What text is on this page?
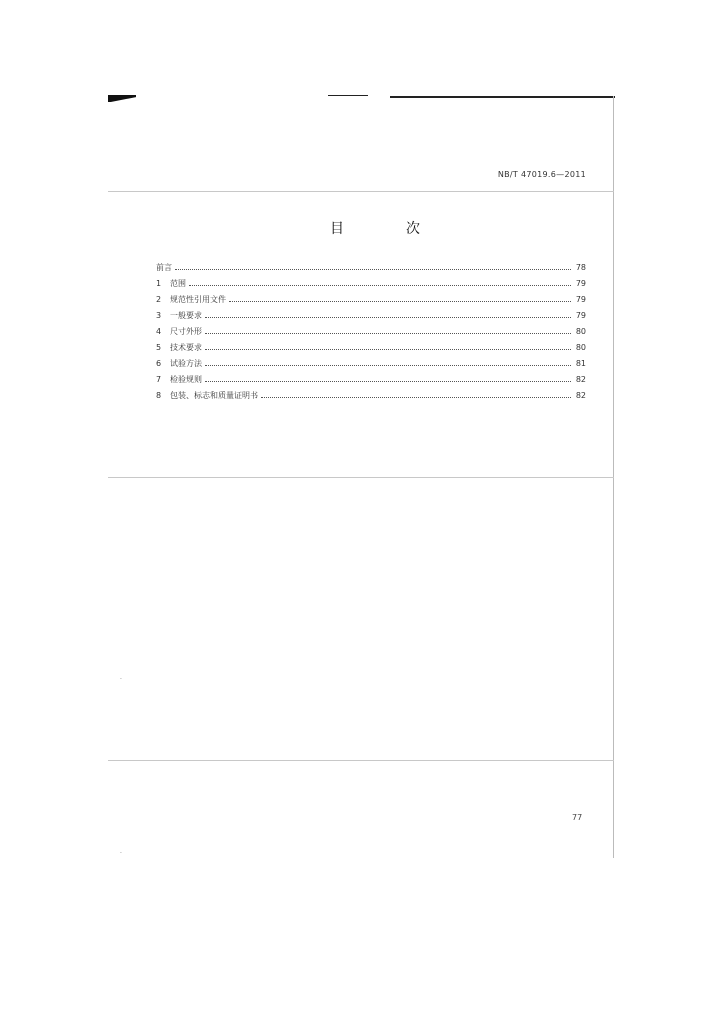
NB/T 47019.6—2011
目	次
前言	78
1	范围	79
2	规范性引用文件	79
3	一般要求	79
4	尺寸外形	80
5	技术要求	80
6	试验方法	81
7	检验规则	82
8	包装、标志和质量证明书	82
77
·
·
